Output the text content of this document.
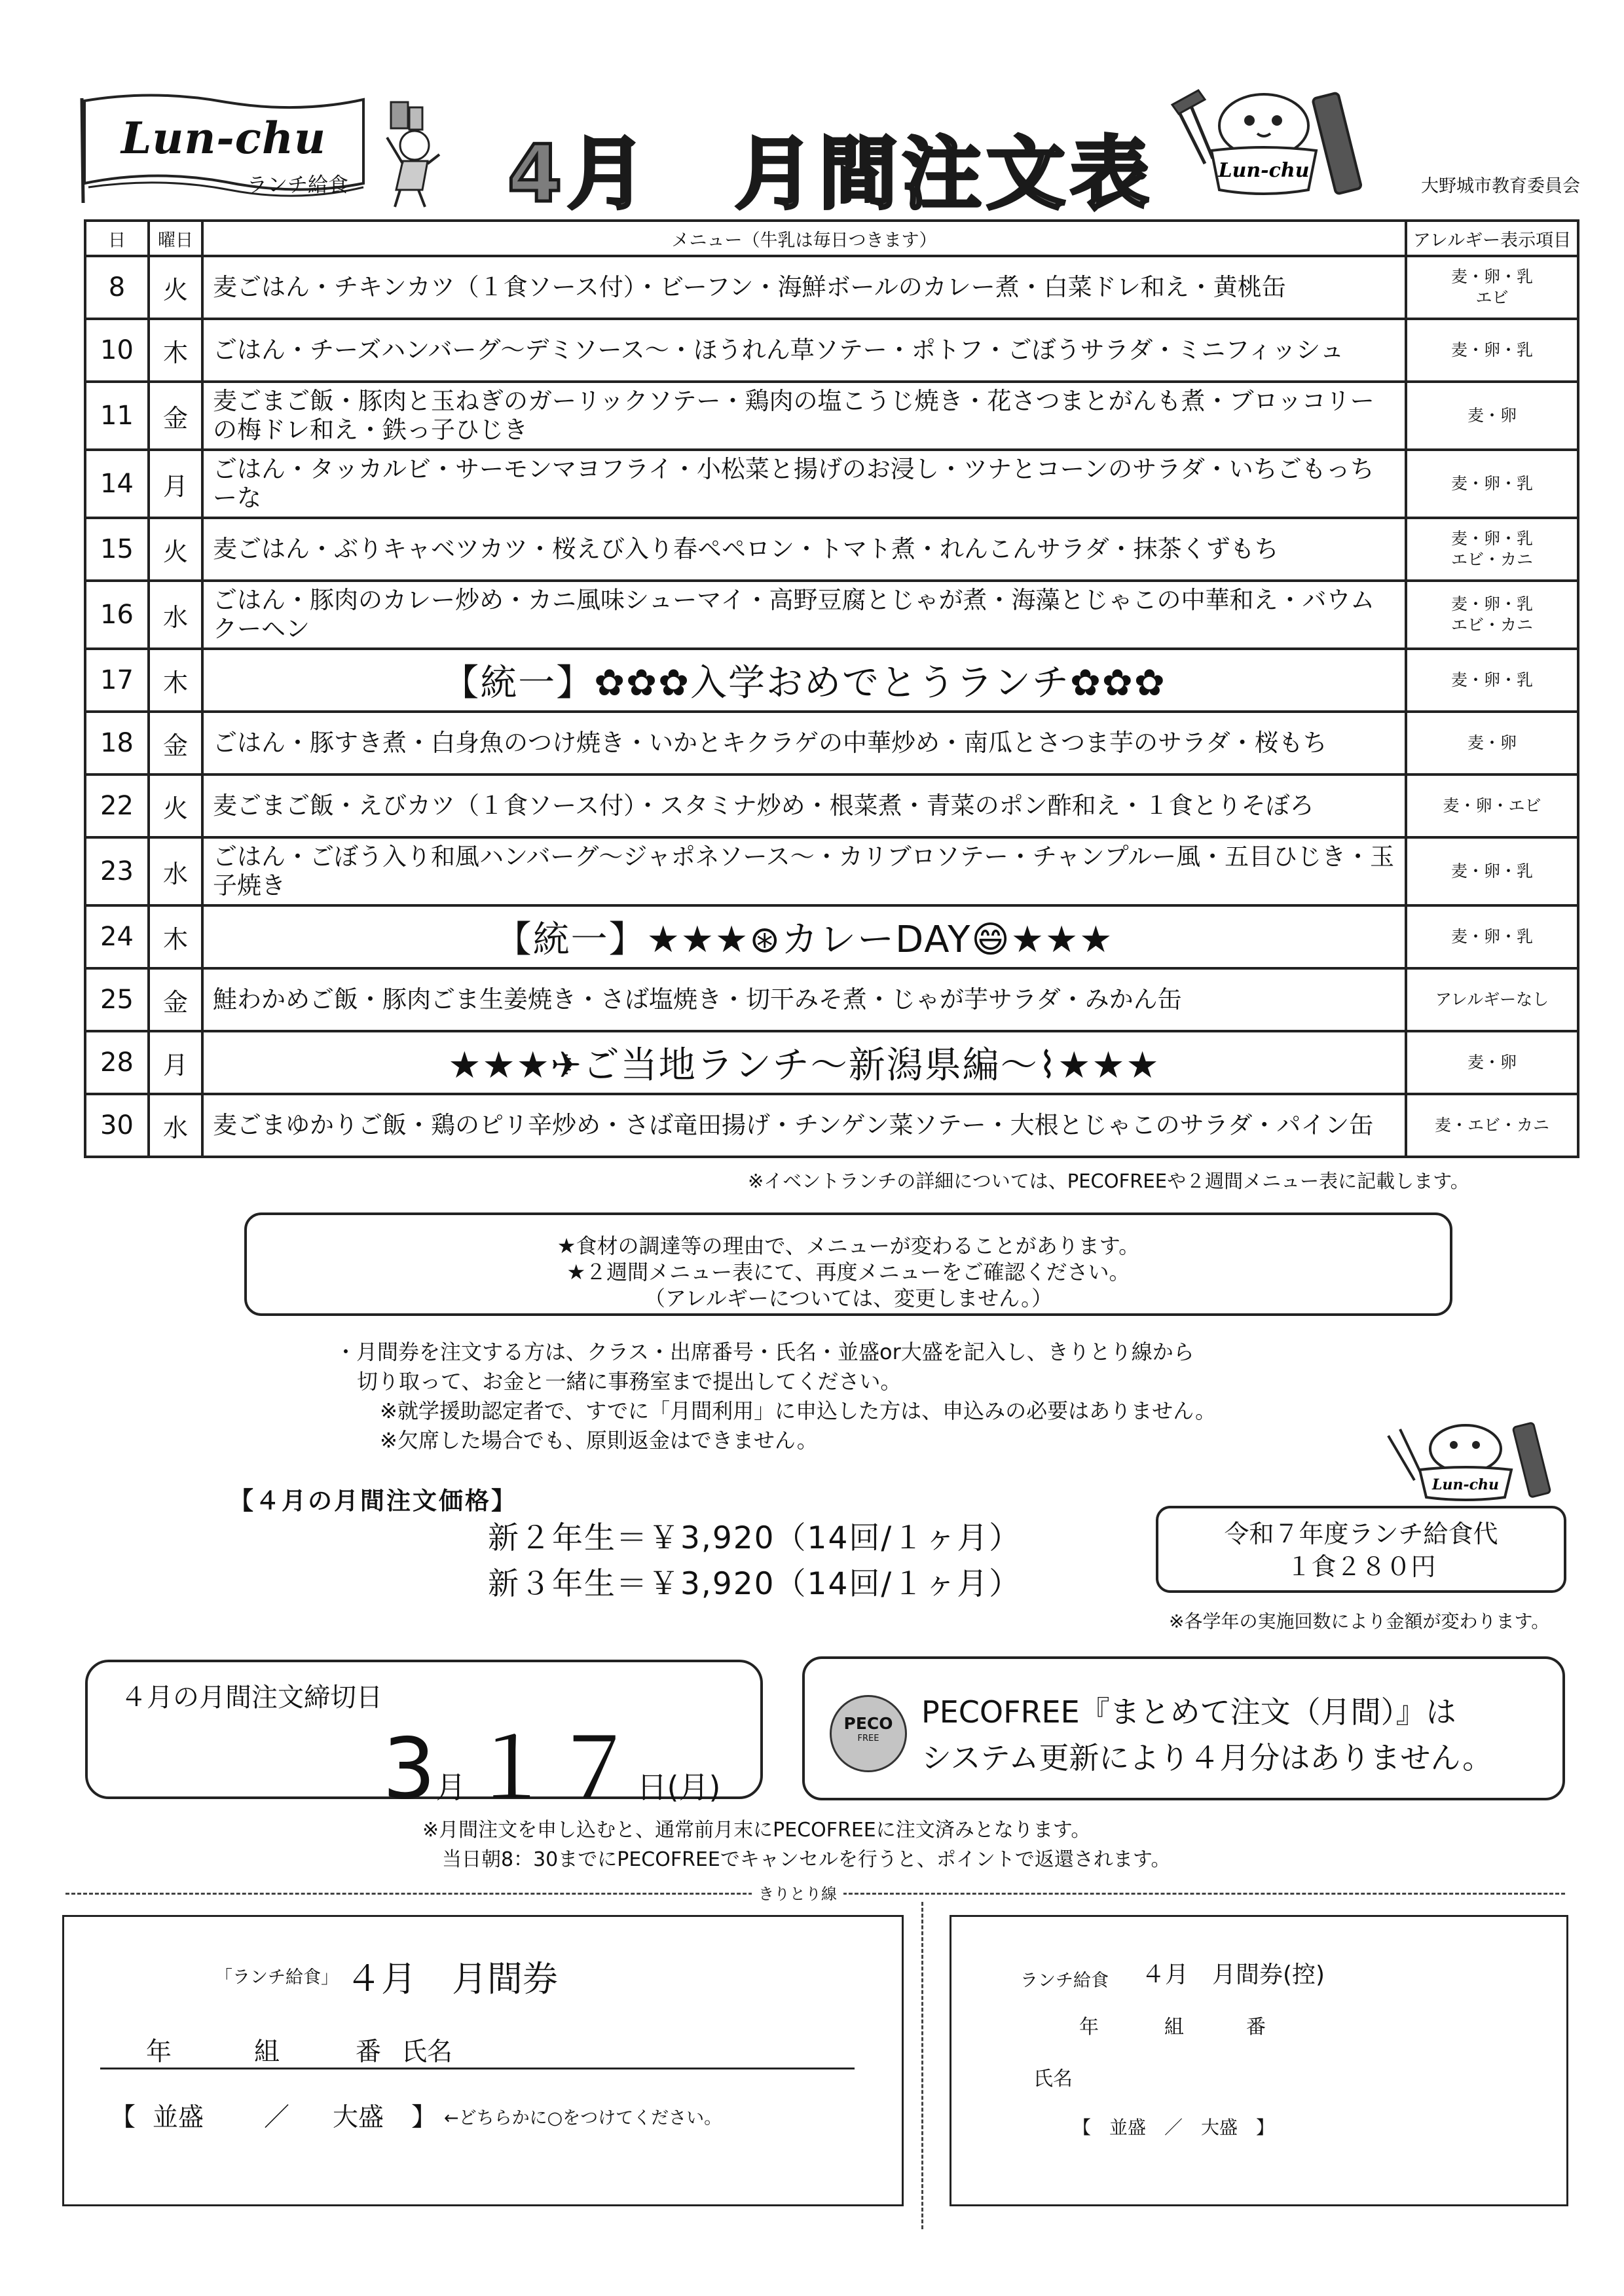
Lun-chu
ランチ給食 4月　月間注文表	Lun-chu
大野城市教育委員会
日	曜日	メニュー（牛乳は毎日つきます）	アレルギー表示項目
8	火	麦ごはん・チキンカツ（１食ソース付）・ビーフン・海鮮ボールのカレー煮・白菜ドレ和え・黄桃缶	麦・卵・乳
エビ
10	木	ごはん・チーズハンバーグ～デミソース～・ほうれん草ソテー・ポトフ・ごぼうサラダ・ミニフィッシュ	麦・卵・乳
11	金	麦ごまご飯・豚肉と玉ねぎのガーリックソテー・鶏肉の塩こうじ焼き・花さつまとがんも煮・ブロッコリーの梅ドレ和え・鉄っ子ひじき	麦・卵
14	月	ごはん・タッカルビ・サーモンマヨフライ・小松菜と揚げのお浸し・ツナとコーンのサラダ・いちごもっちーな	麦・卵・乳
15	火	麦ごはん・ぶりキャベツカツ・桜えび入り春ペペロン・トマト煮・れんこんサラダ・抹茶くずもち	麦・卵・乳
エビ・カニ
16	水	ごはん・豚肉のカレー炒め・カニ風味シューマイ・高野豆腐とじゃが煮・海藻とじゃこの中華和え・バウムクーヘン	麦・卵・乳
エビ・カニ
17	木	【統一】✿✿✿入学おめでとうランチ✿✿✿	麦・卵・乳
18	金	ごはん・豚すき煮・白身魚のつけ焼き・いかとキクラゲの中華炒め・南瓜とさつま芋のサラダ・桜もち	麦・卵
22	火	麦ごまご飯・えびカツ（１食ソース付）・スタミナ炒め・根菜煮・青菜のポン酢和え・１食とりそぼろ	麦・卵・エビ
23	水	ごはん・ごぼう入り和風ハンバーグ～ジャポネソース～・カリブロソテー・チャンプルー風・五目ひじき・玉子焼き	麦・卵・乳
24	木	【統一】★★★⊛カレーDAY😄★★★	麦・卵・乳
25	金	鮭わかめご飯・豚肉ごま生姜焼き・さば塩焼き・切干みそ煮・じゃが芋サラダ・みかん缶	アレルギーなし
28	月	★★★✈ご当地ランチ～新潟県編～⌇★★★	麦・卵
30	水	麦ごまゆかりご飯・鶏のピリ辛炒め・さば竜田揚げ・チンゲン菜ソテー・大根とじゃこのサラダ・パイン缶	麦・エビ・カニ
※イベントランチの詳細については、PECOFREEや２週間メニュー表に記載します。
★食材の調達等の理由で、メニューが変わることがあります。
★２週間メニュー表にて、再度メニューをご確認ください。
（アレルギーについては、変更しません。）
・月間券を注文する方は、クラス・出席番号・氏名・並盛or大盛を記入し、きりとり線から
切り取って、お金と一緒に事務室まで提出してください。
※就学援助認定者で、すでに「月間利用」に申込した方は、申込みの必要はありません。
※欠席した場合でも、原則返金はできません。
【４月の月間注文価格】
新２年生＝￥3,920（14回/１ヶ月）
新３年生＝￥3,920（14回/１ヶ月）
Lun-chu
令和７年度ランチ給食代
１食２８０円
※各学年の実施回数により金額が変わります。
４月の月間注文締切日
3月 １７日(月)
PECO
FREE
PECOFREE『まとめて注文（月間）』は
システム更新により４月分はありません。
※月間注文を申し込むと、通常前月末にPECOFREEに注文済みとなります。
当日朝8：30までにPECOFREEでキャンセルを行うと、ポイントで返還されます。
きりとり線
「ランチ給食」 ４月　月間券
年	組	番 氏名
【 並盛 ／ 大盛 】 ←どちらかに○をつけてください。
ランチ給食 ４月　月間券(控)
年	組	番
氏名
【　並盛　／　大盛　】
